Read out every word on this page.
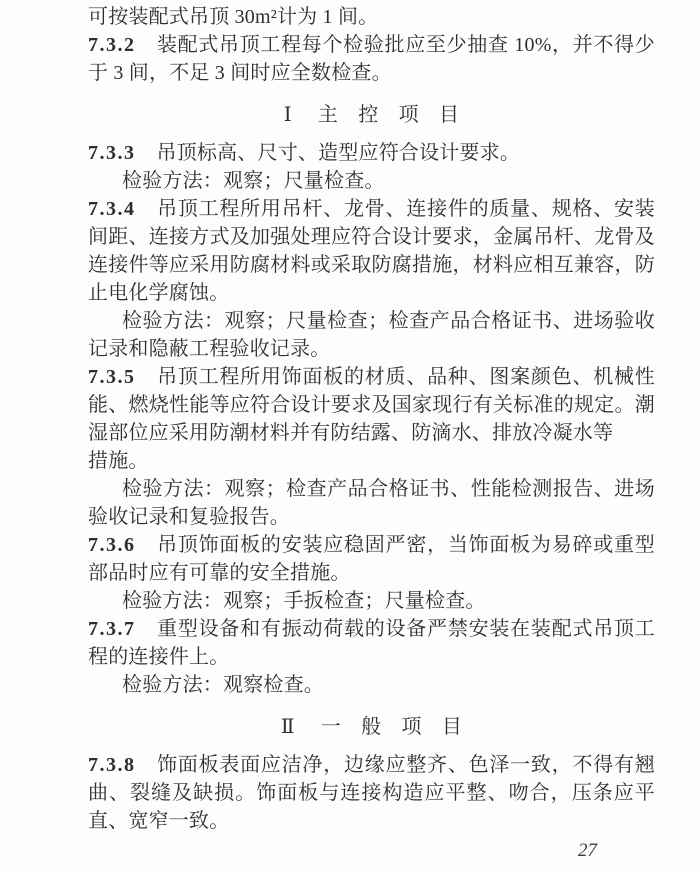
可按装配式吊顶 30m²计为 1 间。
7.3.2 装配式吊顶工程每个检验批应至少抽查 10%，并不得少
于 3 间，不足 3 间时应全数检查。
Ⅰ 主　控　项　目
7.3.3 吊顶标高、尺寸、造型应符合设计要求。
检验方法：观察；尺量检查。
7.3.4 吊顶工程所用吊杆、龙骨、连接件的质量、规格、安装
间距、连接方式及加强处理应符合设计要求，金属吊杆、龙骨及
连接件等应采用防腐材料或采取防腐措施，材料应相互兼容，防
止电化学腐蚀。
检验方法：观察；尺量检查；检查产品合格证书、进场验收
记录和隐蔽工程验收记录。
7.3.5 吊顶工程所用饰面板的材质、品种、图案颜色、机械性
能、燃烧性能等应符合设计要求及国家现行有关标准的规定。潮
湿部位应采用防潮材料并有防结露、防滴水、排放冷凝水等
措施。
检验方法：观察；检查产品合格证书、性能检测报告、进场
验收记录和复验报告。
7.3.6 吊顶饰面板的安装应稳固严密，当饰面板为易碎或重型
部品时应有可靠的安全措施。
检验方法：观察；手扳检查；尺量检查。
7.3.7 重型设备和有振动荷载的设备严禁安装在装配式吊顶工
程的连接件上。
检验方法：观察检查。
Ⅱ 一　般　项　目
7.3.8 饰面板表面应洁净，边缘应整齐、色泽一致，不得有翘
曲、裂缝及缺损。饰面板与连接构造应平整、吻合，压条应平
直、宽窄一致。
27
